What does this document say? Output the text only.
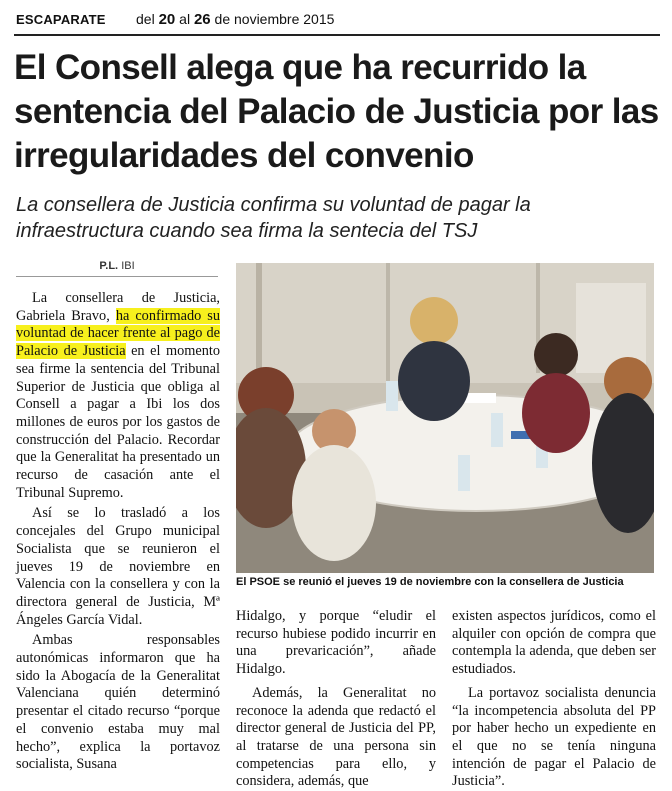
ESCAPARATE del 20 al 26 de noviembre 2015
El Consell alega que ha recurrido la sentencia del Palacio de Justicia por las irregularidades del convenio
La consellera de Justicia confirma su voluntad de pagar la infraestructura cuando sea firma la sentecia del TSJ
P.L. IBI

La consellera de Justicia, Gabriela Bravo, ha confirmado su voluntad de hacer frente al pago de Palacio de Justicia en el momento sea firme la sentencia del Tribunal Superior de Justicia que obliga al Consell a pagar a Ibi los dos millones de euros por los gastos de construcción del Palacio. Recordar que la Generalitat ha presentado un recurso de casación ante el Tribunal Supremo.

Así se lo trasladó a los concejales del Grupo municipal Socialista que se reunieron el jueves 19 de noviembre en Valencia con la consellera y con la directora general de Justicia, Mª Ángeles García Vidal.

Ambas responsables autonómicas informaron que ha sido la Abogacía de la Generalitat Valenciana quién determinó presentar el citado recurso “porque el convenio estaba muy mal hecho”, explica la portavoz socialista, Susana

El PSOE se reunió el jueves 19 de noviembre con la consellera de Justicia

Hidalgo, y porque “eludir el recurso hubiese podido incurrir en una prevaricación”, añade Hidalgo.

Además, la Generalitat no reconoce la adenda que redactó el director general de Justicia del PP, al tratarse de una persona sin competencias para ello, y considera, además, que

existen aspectos jurídicos, como el alquiler con opción de compra que contempla la adenda, que deben ser estudiados.

La portavoz socialista denuncia “la incompetencia absoluta del PP por haber hecho un expediente en el que no se tenía ninguna intención de pagar el Palacio de Justicia”.
